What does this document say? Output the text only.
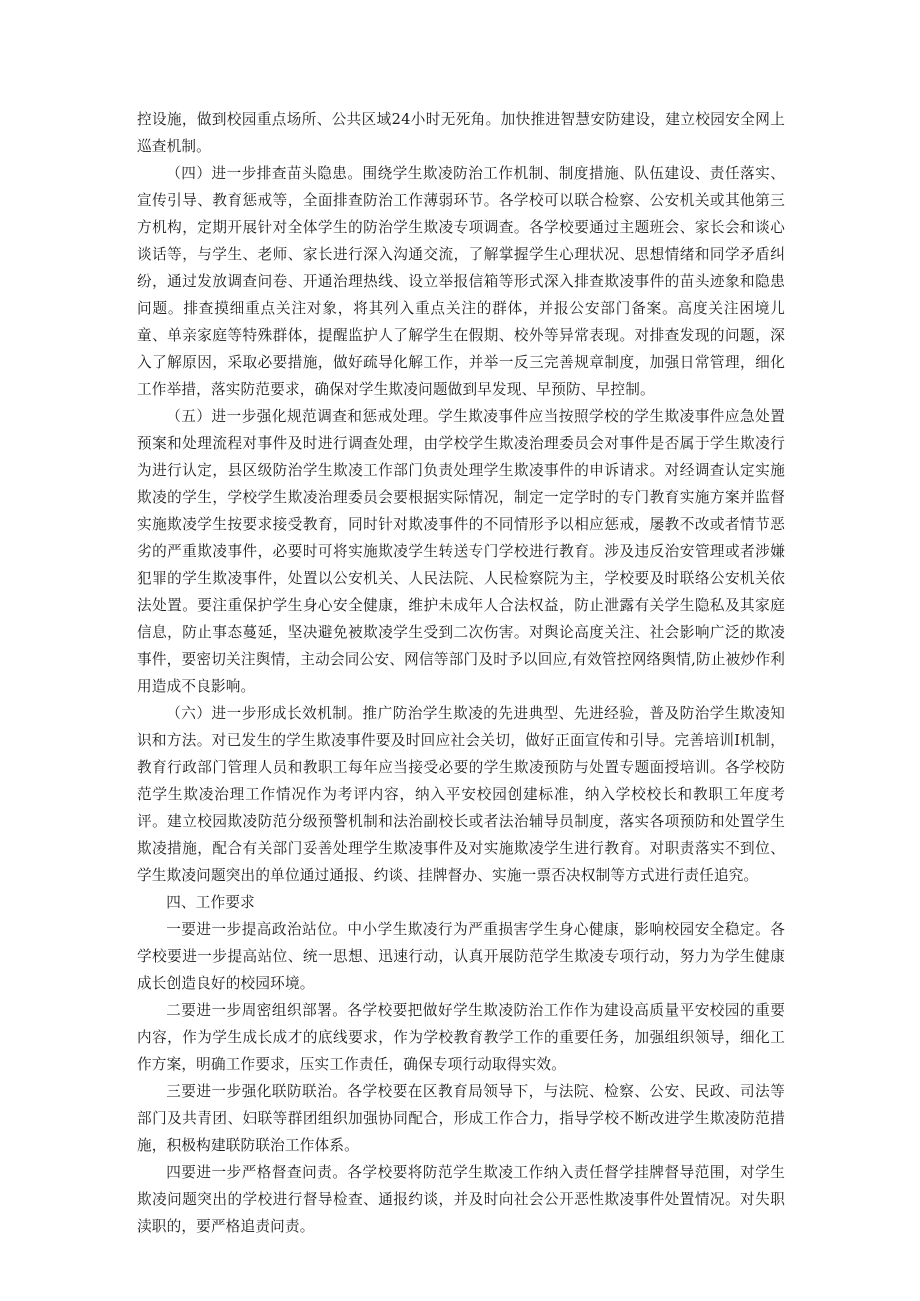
控设施，做到校园重点场所、公共区域24小时无死角。加快推进智慧安防建设，建立校园安全网上巡查机制。

（四）进一步排查苗头隐患。围绕学生欺凌防治工作机制、制度措施、队伍建设、责任落实、宣传引导、教育惩戒等，全面排查防治工作薄弱环节。各学校可以联合检察、公安机关或其他第三方机构，定期开展针对全体学生的防治学生欺凌专项调查。各学校要通过主题班会、家长会和谈心谈话等，与学生、老师、家长进行深入沟通交流，了解掌握学生心理状况、思想情绪和同学矛盾纠纷，通过发放调查问卷、开通治理热线、设立举报信箱等形式深入排查欺凌事件的苗头迹象和隐患问题。排查摸细重点关注对象，将其列入重点关注的群体，并报公安部门备案。高度关注困境儿童、单亲家庭等特殊群体，提醒监护人了解学生在假期、校外等异常表现。对排查发现的问题，深入了解原因，采取必要措施，做好疏导化解工作，并举一反三完善规章制度，加强日常管理，细化工作举措，落实防范要求，确保对学生欺凌问题做到早发现、早预防、早控制。

（五）进一步强化规范调查和惩戒处理。学生欺凌事件应当按照学校的学生欺凌事件应急处置预案和处理流程对事件及时进行调查处理，由学校学生欺凌治理委员会对事件是否属于学生欺凌行为进行认定，县区级防治学生欺凌工作部门负责处理学生欺凌事件的申诉请求。对经调查认定实施欺凌的学生，学校学生欺凌治理委员会要根据实际情况，制定一定学时的专门教育实施方案并监督实施欺凌学生按要求接受教育，同时针对欺凌事件的不同情形予以相应惩戒，屡教不改或者情节恶劣的严重欺凌事件，必要时可将实施欺凌学生转送专门学校进行教育。涉及违反治安管理或者涉嫌犯罪的学生欺凌事件，处置以公安机关、人民法院、人民检察院为主，学校要及时联络公安机关依法处置。要注重保护学生身心安全健康，维护未成年人合法权益，防止泄露有关学生隐私及其家庭信息，防止事态蔓延，坚决避免被欺凌学生受到二次伤害。对舆论高度关注、社会影响广泛的欺凌事件，要密切关注舆情，主动会同公安、网信等部门及时予以回应,有效管控网络舆情,防止被炒作利用造成不良影响。

（六）进一步形成长效机制。推广防治学生欺凌的先进典型、先进经验，普及防治学生欺凌知识和方法。对已发生的学生欺凌事件要及时回应社会关切，做好正面宣传和引导。完善培训I机制，教育行政部门管理人员和教职工每年应当接受必要的学生欺凌预防与处置专题面授培训。各学校防范学生欺凌治理工作情况作为考评内容，纳入平安校园创建标准，纳入学校校长和教职工年度考评。建立校园欺凌防范分级预警机制和法治副校长或者法治辅导员制度，落实各项预防和处置学生欺凌措施，配合有关部门妥善处理学生欺凌事件及对实施欺凌学生进行教育。对职责落实不到位、学生欺凌问题突出的单位通过通报、约谈、挂牌督办、实施一票否决权制等方式进行责任追究。

四、工作要求

一要进一步提高政治站位。中小学生欺凌行为严重损害学生身心健康，影响校园安全稳定。各学校要进一步提高站位、统一思想、迅速行动，认真开展防范学生欺凌专项行动，努力为学生健康成长创造良好的校园环境。

二要进一步周密组织部署。各学校要把做好学生欺凌防治工作作为建设高质量平安校园的重要内容，作为学生成长成才的底线要求，作为学校教育教学工作的重要任务，加强组织领导，细化工作方案，明确工作要求，压实工作责任，确保专项行动取得实效。

三要进一步强化联防联治。各学校要在区教育局领导下，与法院、检察、公安、民政、司法等部门及共青团、妇联等群团组织加强协同配合，形成工作合力，指导学校不断改进学生欺凌防范措施，积极构建联防联治工作体系。

四要进一步严格督查问责。各学校要将防范学生欺凌工作纳入责任督学挂牌督导范围，对学生欺凌问题突出的学校进行督导检查、通报约谈，并及时向社会公开恶性欺凌事件处置情况。对失职渎职的，要严格追责问责。
